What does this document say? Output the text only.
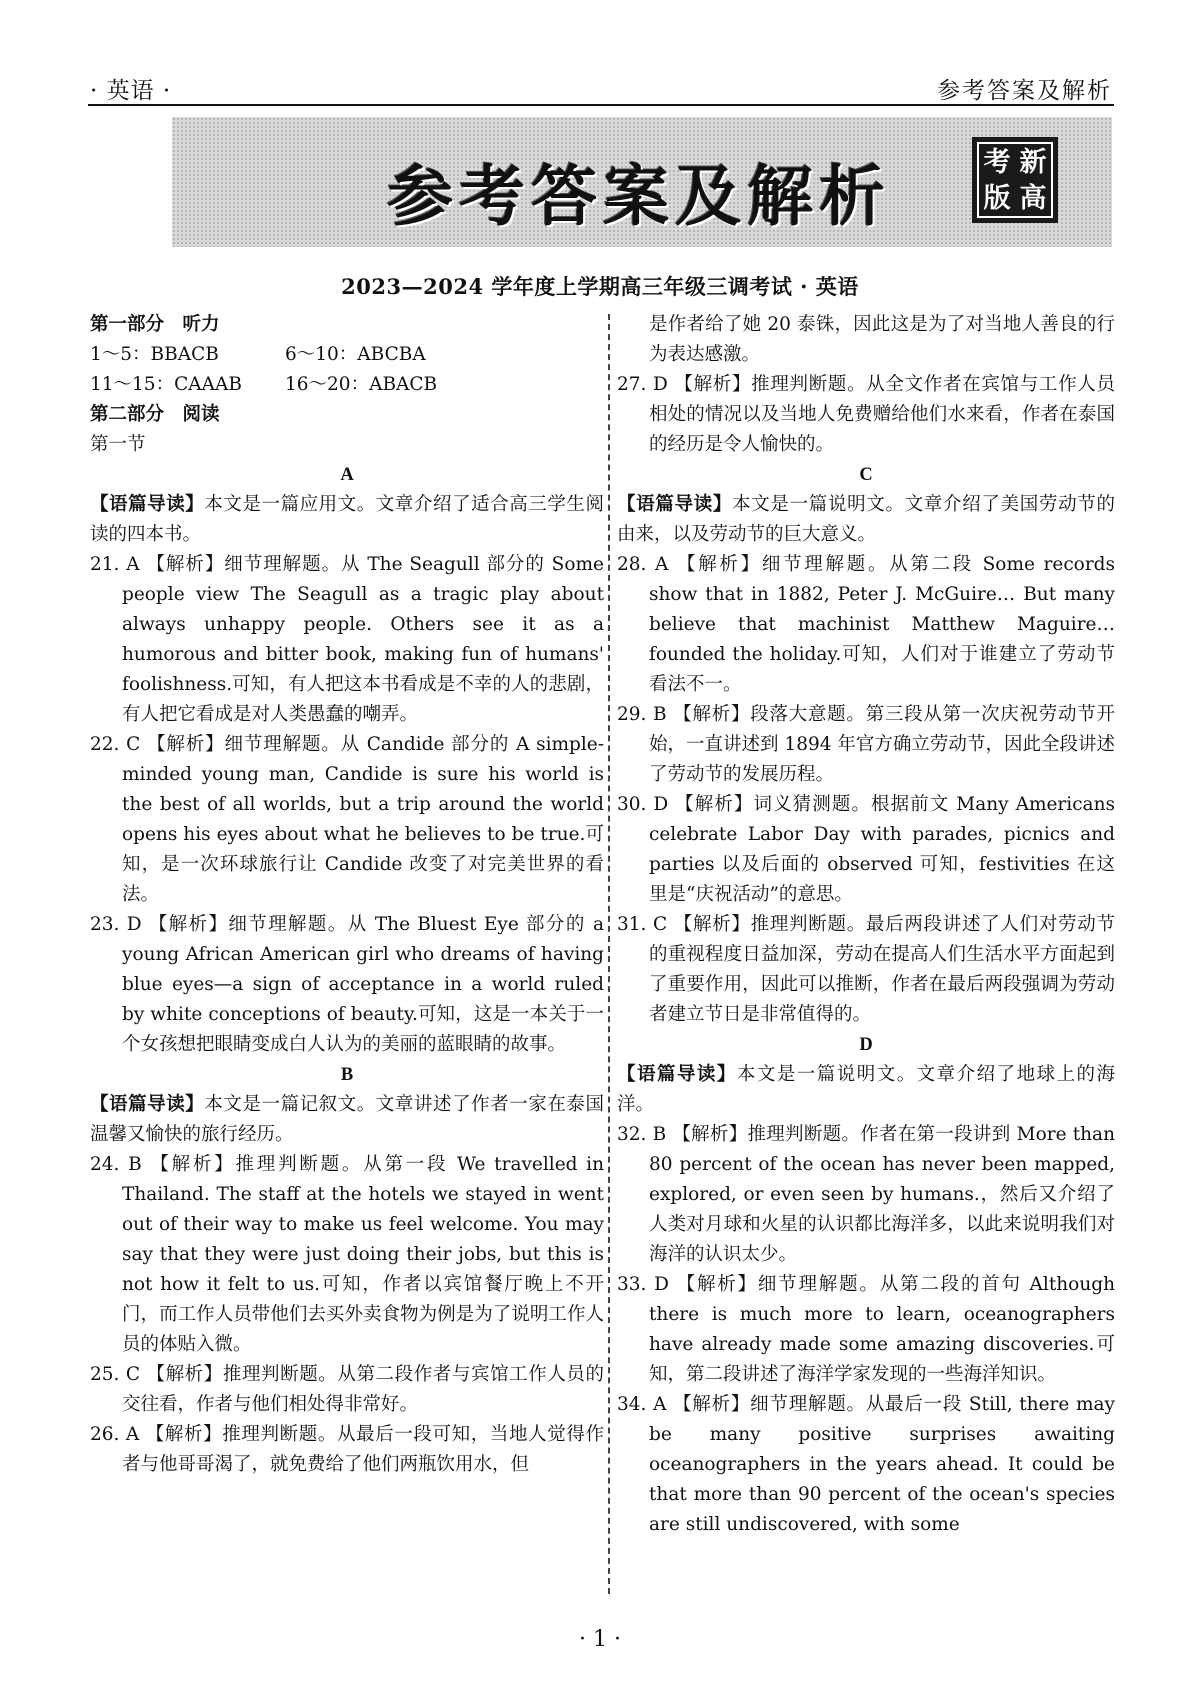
· 英语 ·	参考答案及解析
参考答案及解析	考 新
版 高
2023—2024 学年度上学期高三年级三调考试 · 英语

第一部分　听力

1～5：BBACB	6～10：ABCBA

11～15：CAAAB	16～20：ABACB

第二部分　阅读

第一节

A

【语篇导读】本文是一篇应用文。文章介绍了适合高三学生阅读的四本书。

21. A 【解析】细节理解题。从 The Seagull 部分的 Some people view The Seagull as a tragic play about always unhappy people. Others see it as a humorous and bitter book, making fun of humans' foolishness.可知，有人把这本书看成是不幸的人的悲剧，有人把它看成是对人类愚蠢的嘲弄。

22. C 【解析】细节理解题。从 Candide 部分的 A simple-minded young man, Candide is sure his world is the best of all worlds, but a trip around the world opens his eyes about what he believes to be true.可知，是一次环球旅行让 Candide 改变了对完美世界的看法。

23. D 【解析】细节理解题。从 The Bluest Eye 部分的 a young African American girl who dreams of having blue eyes—a sign of acceptance in a world ruled by white conceptions of beauty.可知，这是一本关于一个女孩想把眼睛变成白人认为的美丽的蓝眼睛的故事。

B

【语篇导读】本文是一篇记叙文。文章讲述了作者一家在泰国温馨又愉快的旅行经历。

24. B 【解析】推理判断题。从第一段 We travelled in Thailand. The staff at the hotels we stayed in went out of their way to make us feel welcome. You may say that they were just doing their jobs, but this is not how it felt to us.可知，作者以宾馆餐厅晚上不开门，而工作人员带他们去买外卖食物为例是为了说明工作人员的体贴入微。

25. C 【解析】推理判断题。从第二段作者与宾馆工作人员的交往看，作者与他们相处得非常好。

26. A 【解析】推理判断题。从最后一段可知，当地人觉得作者与他哥哥渴了，就免费给了他们两瓶饮用水，但

是作者给了她 20 泰铢，因此这是为了对当地人善良的行为表达感激。

27. D 【解析】推理判断题。从全文作者在宾馆与工作人员相处的情况以及当地人免费赠给他们水来看，作者在泰国的经历是令人愉快的。

C

【语篇导读】本文是一篇说明文。文章介绍了美国劳动节的由来，以及劳动节的巨大意义。

28. A 【解析】细节理解题。从第二段 Some records show that in 1882, Peter J. McGuire… But many believe that machinist Matthew Maguire…founded the holiday.可知，人们对于谁建立了劳动节看法不一。

29. B 【解析】段落大意题。第三段从第一次庆祝劳动节开始，一直讲述到 1894 年官方确立劳动节，因此全段讲述了劳动节的发展历程。

30. D 【解析】词义猜测题。根据前文 Many Americans celebrate Labor Day with parades, picnics and parties 以及后面的 observed 可知，festivities 在这里是“庆祝活动”的意思。

31. C 【解析】推理判断题。最后两段讲述了人们对劳动节的重视程度日益加深，劳动在提高人们生活水平方面起到了重要作用，因此可以推断，作者在最后两段强调为劳动者建立节日是非常值得的。

D

【语篇导读】本文是一篇说明文。文章介绍了地球上的海洋。

32. B 【解析】推理判断题。作者在第一段讲到 More than 80 percent of the ocean has never been mapped, explored, or even seen by humans.，然后又介绍了人类对月球和火星的认识都比海洋多，以此来说明我们对海洋的认识太少。

33. D 【解析】细节理解题。从第二段的首句 Although there is much more to learn, oceanographers have already made some amazing discoveries.可知，第二段讲述了海洋学家发现的一些海洋知识。

34. A 【解析】细节理解题。从最后一段 Still, there may be many positive surprises awaiting oceanographers in the years ahead. It could be that more than 90 percent of the ocean's species are still undiscovered, with some

· 1 ·
